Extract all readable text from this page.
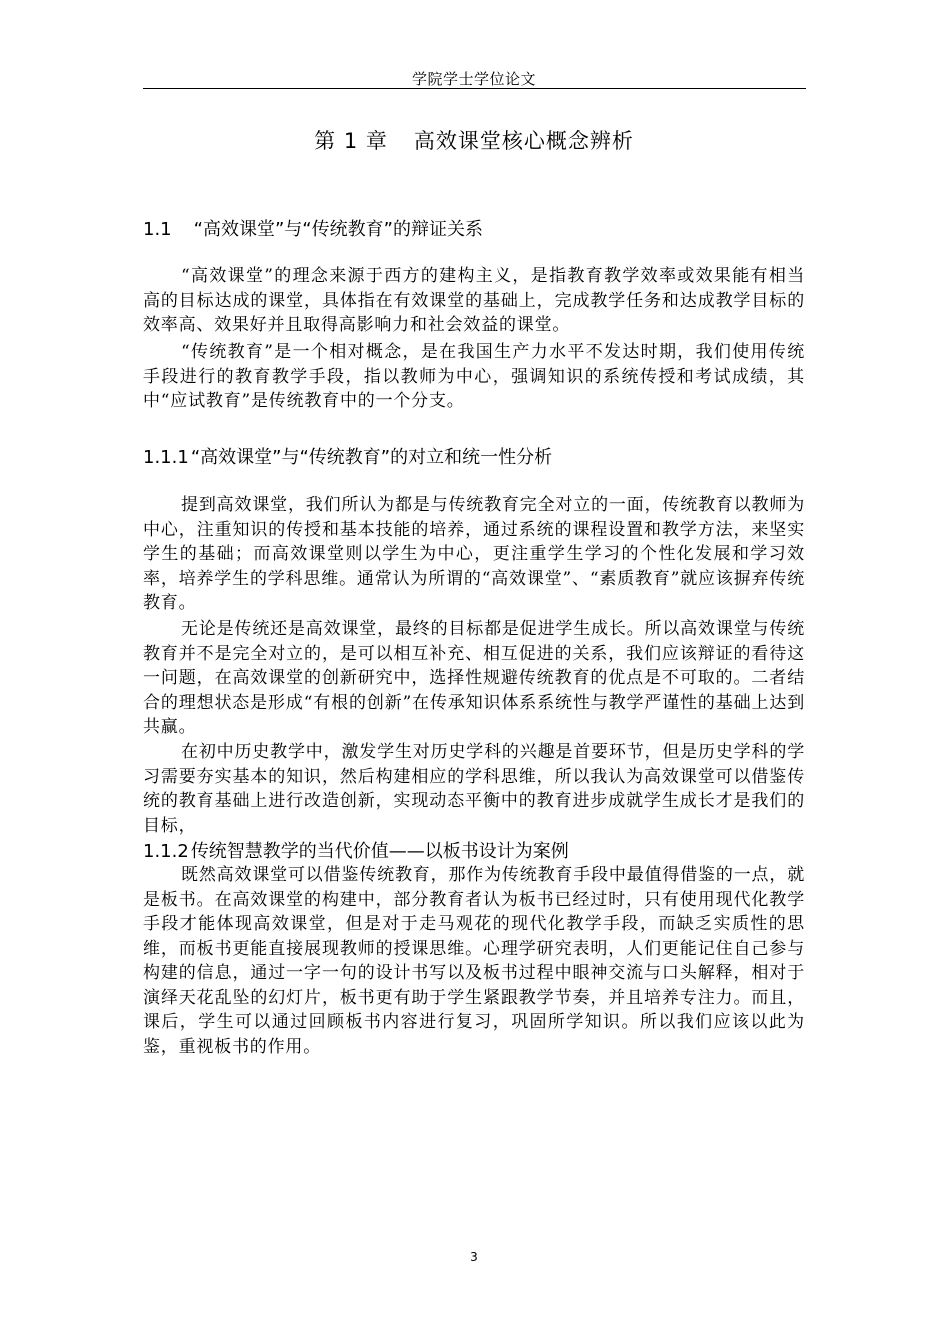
学院学士学位论文
第 1 章 高效课堂核心概念辨析
1.1 “高效课堂”与“传统教育”的辩证关系

“高效课堂”的理念来源于西方的建构主义，是指教育教学效率或效果能有相当高的目标达成的课堂，具体指在有效课堂的基础上，完成教学任务和达成教学目标的效率高、效果好并且取得高影响力和社会效益的课堂。

“传统教育”是一个相对概念，是在我国生产力水平不发达时期，我们使用传统手段进行的教育教学手段，指以教师为中心，强调知识的系统传授和考试成绩，其中“应试教育”是传统教育中的一个分支。

1.1.1 “高效课堂”与“传统教育”的对立和统一性分析

提到高效课堂，我们所认为都是与传统教育完全对立的一面，传统教育以教师为中心，注重知识的传授和基本技能的培养，通过系统的课程设置和教学方法，来坚实学生的基础；而高效课堂则以学生为中心，更注重学生学习的个性化发展和学习效率，培养学生的学科思维。通常认为所谓的“高效课堂”、“素质教育”就应该摒弃传统教育。

无论是传统还是高效课堂，最终的目标都是促进学生成长。所以高效课堂与传统教育并不是完全对立的，是可以相互补充、相互促进的关系，我们应该辩证的看待这一问题，在高效课堂的创新研究中，选择性规避传统教育的优点是不可取的。二者结合的理想状态是形成“有根的创新”在传承知识体系系统性与教学严谨性的基础上达到共赢。

在初中历史教学中，激发学生对历史学科的兴趣是首要环节，但是历史学科的学习需要夯实基本的知识，然后构建相应的学科思维，所以我认为高效课堂可以借鉴传统的教育基础上进行改造创新，实现动态平衡中的教育进步成就学生成长才是我们的目标，

1.1.2 传统智慧教学的当代价值——以板书设计为案例

既然高效课堂可以借鉴传统教育，那作为传统教育手段中最值得借鉴的一点，就是板书。在高效课堂的构建中，部分教育者认为板书已经过时，只有使用现代化教学手段才能体现高效课堂，但是对于走马观花的现代化教学手段，而缺乏实质性的思维，而板书更能直接展现教师的授课思维。心理学研究表明，人们更能记住自己参与构建的信息，通过一字一句的设计书写以及板书过程中眼神交流与口头解释，相对于演绎天花乱坠的幻灯片，板书更有助于学生紧跟教学节奏，并且培养专注力。而且，课后，学生可以通过回顾板书内容进行复习，巩固所学知识。所以我们应该以此为鉴，重视板书的作用。

3
